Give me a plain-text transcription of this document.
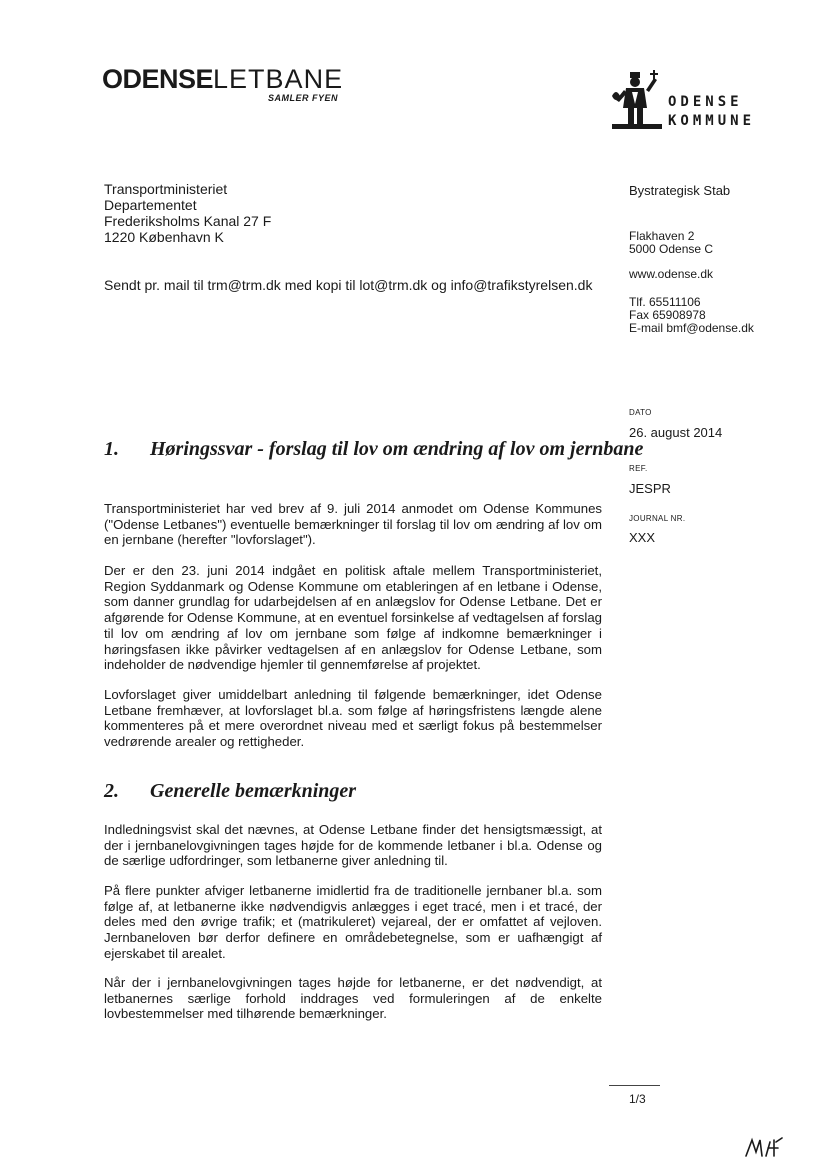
ODENSELETBANE
SAMLER FYEN	ODENSE
KOMMUNE
Transportministeriet
Departementet
Frederiksholms Kanal 27 F
1220 København K
Sendt pr. mail til trm@trm.dk med kopi til lot@trm.dk og info@trafikstyrelsen.dk
Bystrategisk Stab
Flakhaven 2
5000 Odense C
www.odense.dk
Tlf. 65511106
Fax 65908978
E-mail bmf@odense.dk
DATO
26. august 2014
REF.
JESPR
JOURNAL NR.
XXX
1. Høringssvar - forslag til lov om ændring af lov om jernbane
Transportministeriet har ved brev af 9. juli 2014 anmodet om Odense Kommunes ("Odense Letbanes") eventuelle bemærkninger til forslag til lov om ændring af lov om en jernbane (herefter "lovforslaget").
Der er den 23. juni 2014 indgået en politisk aftale mellem Transportministeriet, Region Syddanmark og Odense Kommune om etableringen af en letbane i Odense, som danner grundlag for udarbejdelsen af en anlægslov for Odense Letbane. Det er afgørende for Odense Kommune, at en eventuel forsinkelse af vedtagelsen af forslag til lov om ændring af lov om jernbane som følge af indkomne bemærkninger i høringsfasen ikke påvirker vedtagelsen af en anlægslov for Odense Letbane, som indeholder de nødvendige hjemler til gennemførelse af projektet.
Lovforslaget giver umiddelbart anledning til følgende bemærkninger, idet Odense Letbane fremhæver, at lovforslaget bl.a. som følge af høringsfristens længde alene kommenteres på et mere overordnet niveau med et særligt fokus på bestemmelser vedrørende arealer og rettigheder.
2. Generelle bemærkninger
Indledningsvist skal det nævnes, at Odense Letbane finder det hensigtsmæssigt, at der i jernbanelovgivningen tages højde for de kommende letbaner i bl.a. Odense og de særlige udfordringer, som letbanerne giver anledning til.
På flere punkter afviger letbanerne imidlertid fra de traditionelle jernbaner bl.a. som følge af, at letbanerne ikke nødvendigvis anlægges i eget tracé, men i et tracé, der deles med den øvrige trafik; et (matrikuleret) vejareal, der er omfattet af vejloven. Jernbaneloven bør derfor definere en områdebetegnelse, som er uafhængigt af ejerskabet til arealet.
Når der i jernbanelovgivningen tages højde for letbanerne, er det nødvendigt, at letbanernes særlige forhold inddrages ved formuleringen af de enkelte lovbestemmelser med tilhørende bemærkninger.
1/3
